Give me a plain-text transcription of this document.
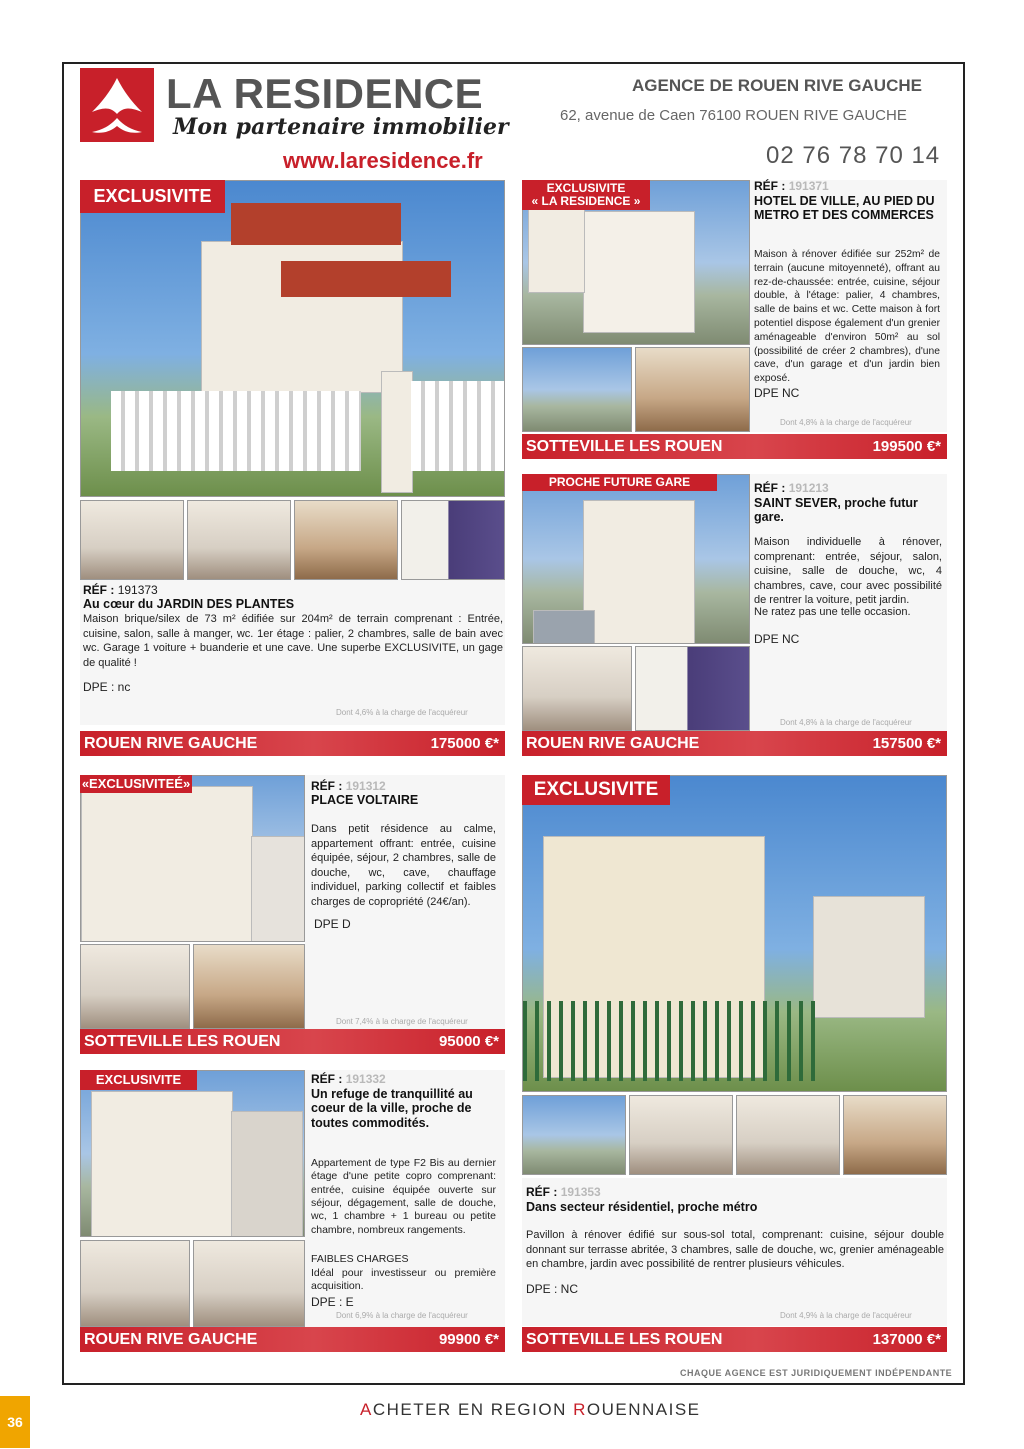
LA RESIDENCE
Mon partenaire immobilier
www.laresidence.fr
AGENCE DE ROUEN RIVE GAUCHE
62, avenue de Caen 76100 ROUEN RIVE GAUCHE
02 76 78 70 14
EXCLUSIVITE
RÉF : 191373
Au cœur du JARDIN DES PLANTES
Maison brique/silex de 73 m² édifiée sur 204m² de terrain comprenant : Entrée, cuisine, salon, salle à manger, wc. 1er étage : palier, 2 chambres, salle de bain avec wc. Garage 1 voiture + buanderie et une cave. Une superbe EXCLUSIVITE, un gage de qualité !
DPE : nc
Dont 4,6% à la charge de l'acquéreur
ROUEN RIVE GAUCHE	175000 €*
EXCLUSIVITE
« LA RESIDENCE »
RÉF : 191371
HOTEL DE VILLE, AU PIED DU METRO ET DES COMMERCES
Maison à rénover édifiée sur 252m² de terrain (aucune mitoyenneté), offrant au rez-de-chaussée: entrée, cuisine, séjour double, à l'étage: palier, 4 chambres, salle de bains et wc. Cette maison à fort potentiel dispose également d'un grenier aménageable d'environ 50m² au sol (possibilité de créer 2 chambres), d'une cave, d'un garage et d'un jardin bien exposé.
DPE NC
Dont 4,8% à la charge de l'acquéreur
SOTTEVILLE LES ROUEN	199500 €*
PROCHE FUTURE GARE	RÉF : 191213
SAINT SEVER, proche futur gare.
Maison individuelle à rénover, comprenant: entrée, séjour, salon, cuisine, salle de douche, wc, 4 chambres, cave, cour avec possibilité de rentrer la voiture, petit jardin.
Ne ratez pas une telle occasion.
DPE NC
Dont 4,8% à la charge de l'acquéreur
ROUEN RIVE GAUCHE	157500 €*
«EXCLUSIVITEÉ»	RÉF : 191312
PLACE VOLTAIRE
Dans petit résidence au calme, appartement offrant: entrée, cuisine équipée, séjour, 2 chambres, salle de douche, wc, cave, chauffage individuel, parking collectif et faibles charges de copropriété (24€/an).
DPE D
Dont 7,4% à la charge de l'acquéreur
SOTTEVILLE LES ROUEN	95000 €*
EXCLUSIVITE
RÉF : 191353
Dans secteur résidentiel, proche métro
Pavillon à rénover édifié sur sous-sol total, comprenant: cuisine, séjour double donnant sur terrasse abritée, 3 chambres, salle de douche, wc, grenier aménageable en chambre, jardin avec possibilité de rentrer plusieurs véhicules.
DPE : NC
Dont 4,9% à la charge de l'acquéreur
SOTTEVILLE LES ROUEN	137000 €*
EXCLUSIVITE	RÉF : 191332
Un refuge de tranquillité au coeur de la ville, proche de toutes commodités.
Appartement de type F2 Bis au dernier étage d'une petite copro comprenant: entrée, cuisine équipée ouverte sur séjour, dégagement, salle de douche, wc, 1 chambre + 1 bureau ou petite chambre, nombreux rangements.
FAIBLES CHARGES
Idéal pour investisseur ou première acquisition.
DPE : E
Dont 6,9% à la charge de l'acquéreur
ROUEN RIVE GAUCHE	99900 €*
CHAQUE AGENCE EST JURIDIQUEMENT INDÉPENDANTE
36
ACHETER EN REGION ROUENNAISE
